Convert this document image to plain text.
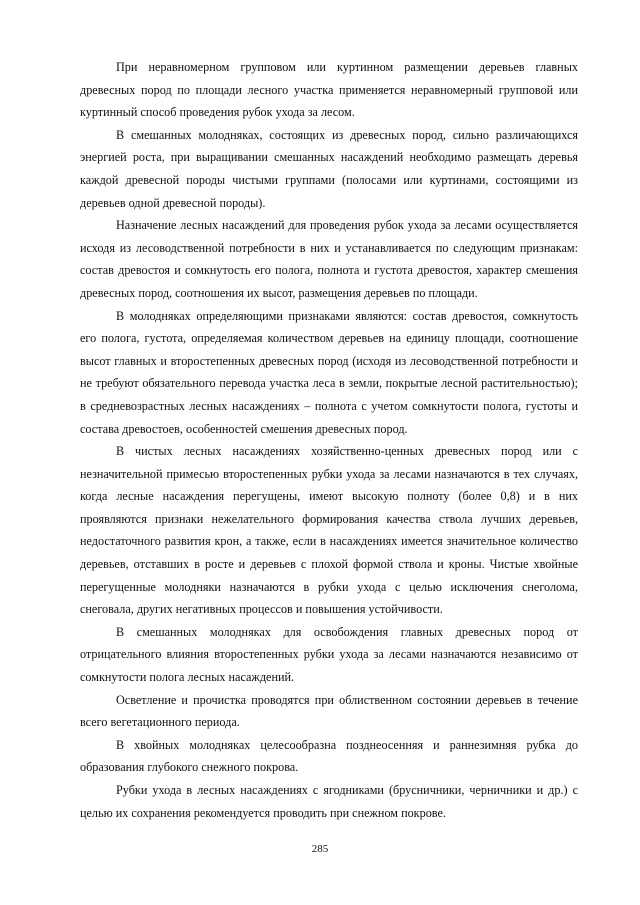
При неравномерном групповом или куртинном размещении деревьев главных древесных пород по площади лесного участка применяется неравномерный групповой или куртинный способ проведения рубок ухода за лесом.

В смешанных молодняках, состоящих из древесных пород, сильно различающихся энергией роста, при выращивании смешанных насаждений необходимо размещать деревья каждой древесной породы чистыми группами (полосами или куртинами, состоящими из деревьев одной древесной породы).

Назначение лесных насаждений для проведения рубок ухода за лесами осуществляется исходя из лесоводственной потребности в них и устанавливается по следующим признакам: состав древостоя и сомкнутость его полога, полнота и густота древостоя, характер смешения древесных пород, соотношения их высот, размещения деревьев по площади.

В молодняках определяющими признаками являются: состав древостоя, сомкнутость его полога, густота, определяемая количеством деревьев на единицу площади, соотношение высот главных и второстепенных древесных пород (исходя из лесоводственной потребности и не требуют обязательного перевода участка леса в земли, покрытые лесной растительностью); в средневозрастных лесных насаждениях – полнота с учетом сомкнутости полога, густоты и состава древостоев, особенностей смешения древесных пород.

В чистых лесных насаждениях хозяйственно-ценных древесных пород или с незначительной примесью второстепенных рубки ухода за лесами назначаются в тех случаях, когда лесные насаждения перегущены, имеют высокую полноту (более 0,8) и в них проявляются признаки нежелательного формирования качества ствола лучших деревьев, недостаточного развития крон, а также, если в насаждениях имеется значительное количество деревьев, отставших в росте и деревьев с плохой формой ствола и кроны. Чистые хвойные перегущенные молодняки назначаются в рубки ухода с целью исключения снеголома, снеговала, других негативных процессов и повышения устойчивости.

В смешанных молодняках для освобождения главных древесных пород от отрицательного влияния второстепенных рубки ухода за лесами назначаются независимо от сомкнутости полога лесных насаждений.

Осветление и прочистка проводятся при облиственном состоянии деревьев в течение всего вегетационного периода.

В хвойных молодняках целесообразна позднеосенняя и раннезимняя рубка до образования глубокого снежного покрова.

Рубки ухода в лесных насаждениях с ягодниками (брусничники, черничники и др.) с целью их сохранения рекомендуется проводить при снежном покрове.

285
